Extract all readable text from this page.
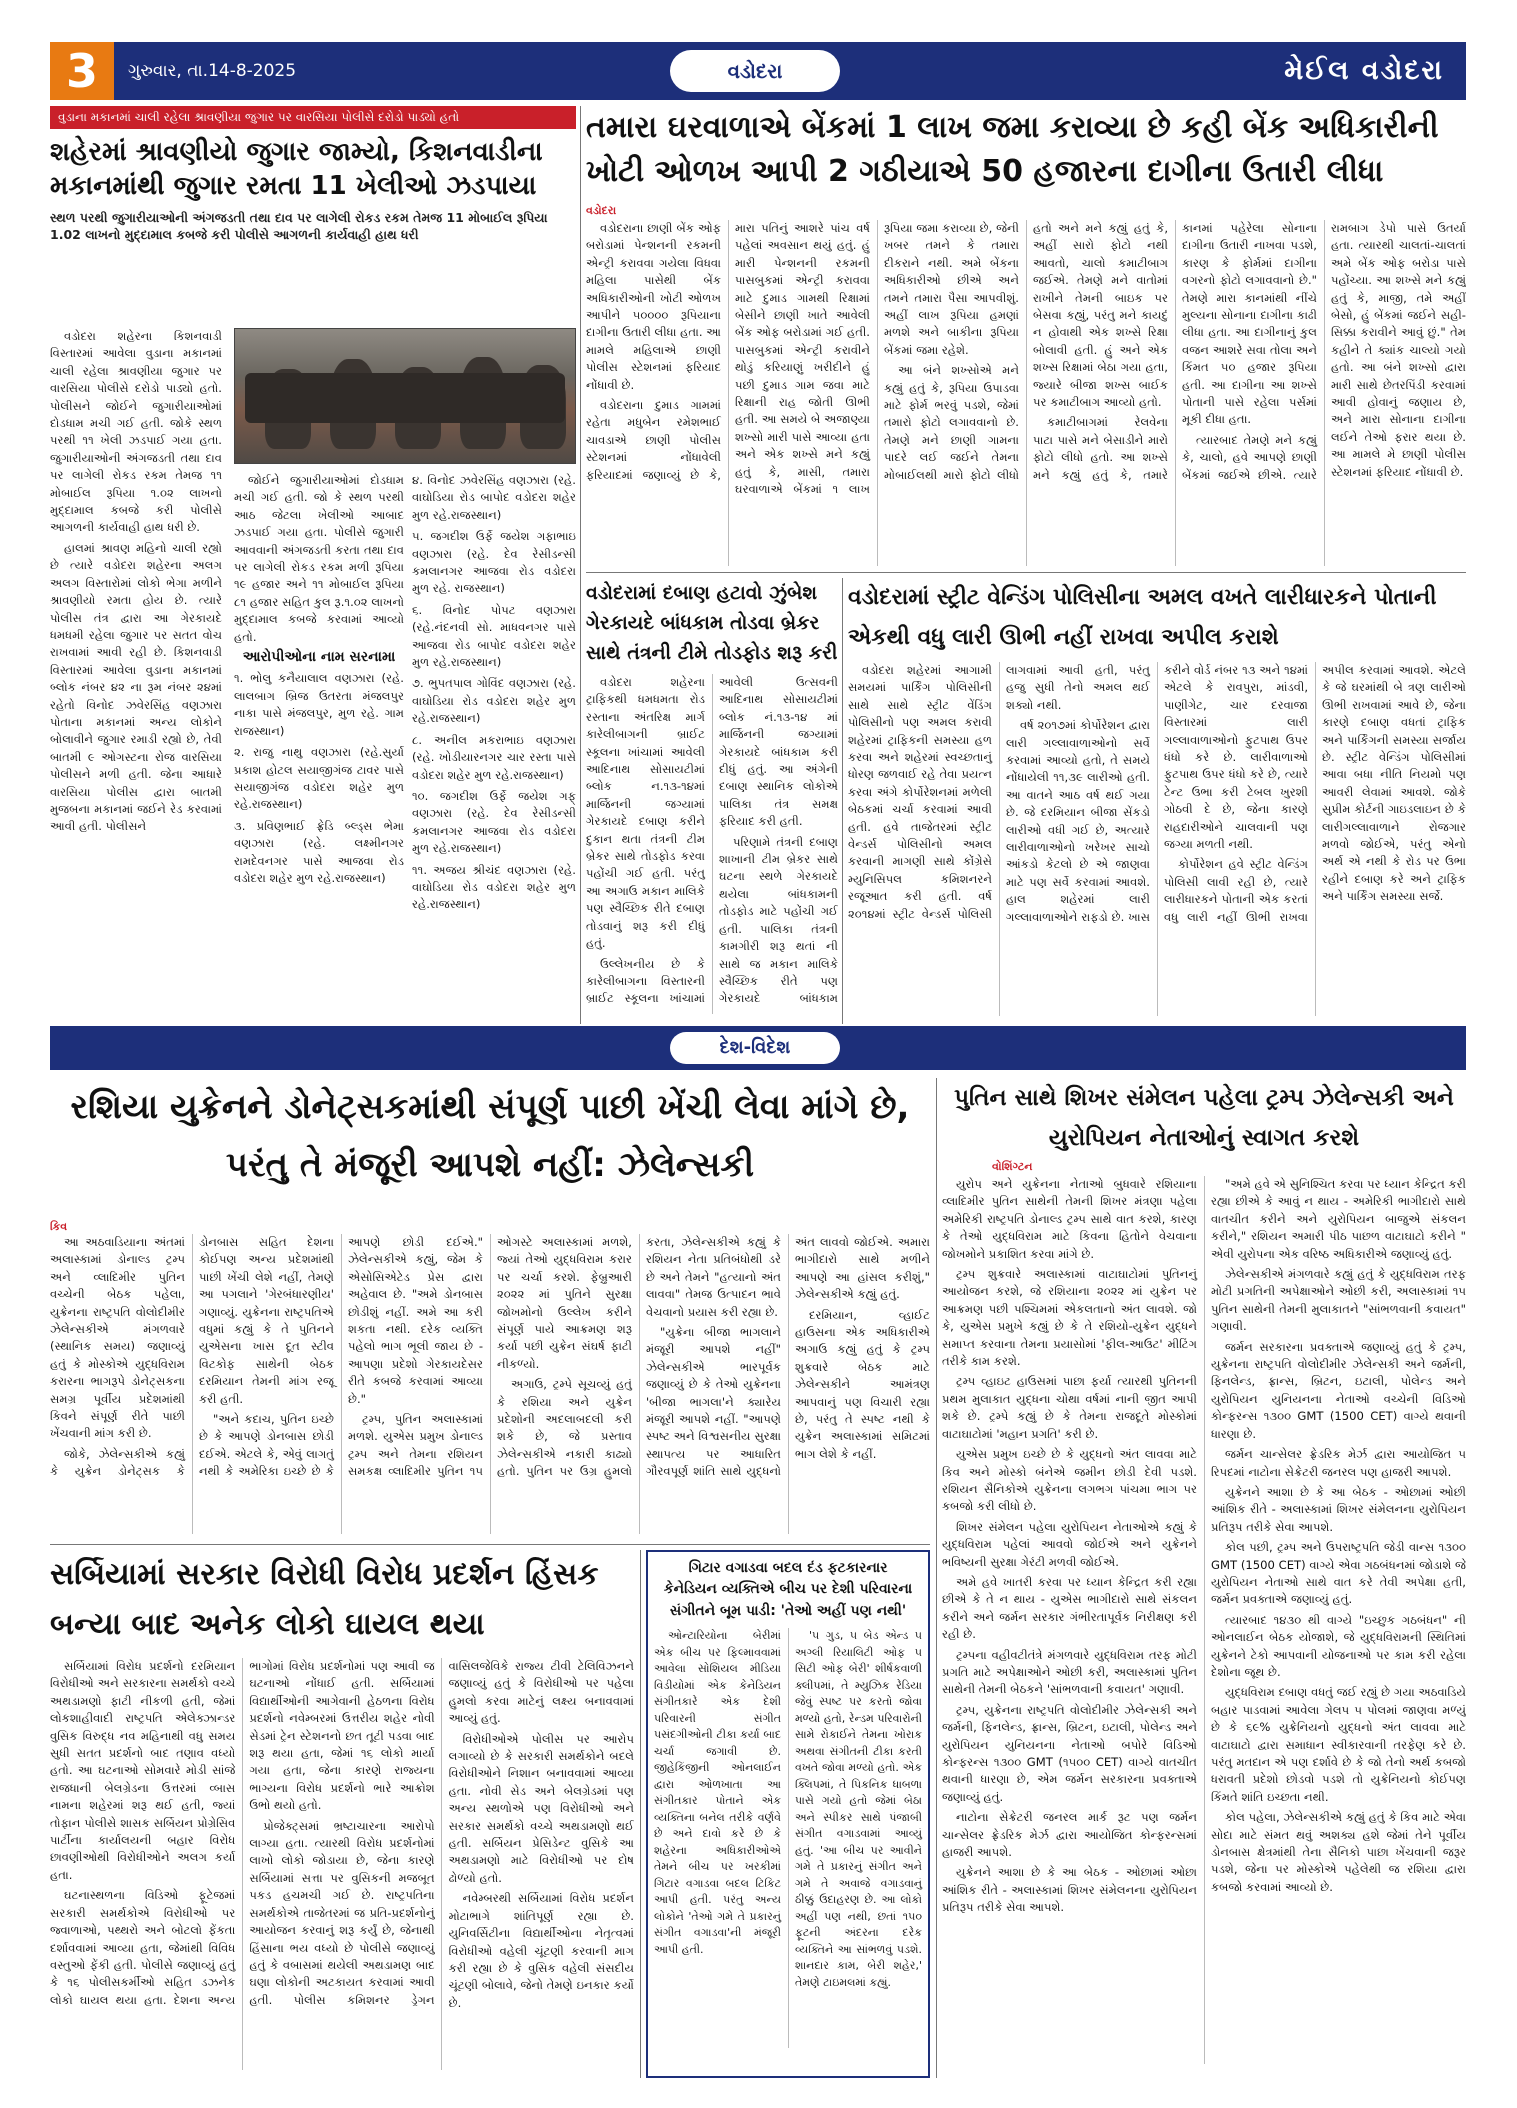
3	ગુરુવાર, તા.14-8-2025	વડોદરા	મેઈલ વડોદરા
વુડાના મકાનમાં ચાલી રહેલા શ્રાવણીયા જુગાર પર વારસિયા પોલીસે દરોડો પાડ્યો હતો
શહેરમાં શ્રાવણીયો જુગાર જામ્યો, કિશનવાડીના મકાનમાંથી જુગાર રમતા 11 ખેલીઓ ઝડપાયા
સ્થળ પરથી જુગારીયાઓની અંગજડતી તથા દાવ પર લાગેલી રોકડ રકમ તેમજ 11 મોબાઈલ રૂપિયા 1.02 લાખનો મુદ્દામાલ કબજે કરી પોલીસે આગળની કાર્યવાહી હાથ ધરી

વડોદરા શહેરના કિશનવાડી વિસ્તારમાં આવેલા વુડાના મકાનમાં ચાલી રહેલા શ્રાવણીયા જુગાર પર વારસિયા પોલીસે દરોડો પાડ્યો હતો. પોલીસને જોઈને જુગારીયાઓમાં દોડધામ મચી ગઈ હતી. જોકે સ્થળ પરથી ૧૧ ખેલી ઝડપાઈ ગયા હતા. જુગારીયાઓની અંગજડતી તથા દાવ પર લાગેલી રોકડ રકમ તેમજ ૧૧ મોબાઈલ રૂપિયા ૧.૦૨ લાખનો મુદ્દામાલ કબજે કરી પોલીસે આગળની કાર્યવાહી હાથ ધરી છે.

હાલમાં શ્રાવણ મહિનો ચાલી રહ્યો છે ત્યારે વડોદરા શહેરના અલગ અલગ વિસ્તારોમાં લોકો ભેગા મળીને શ્રાવણીયો રમતા હોય છે. ત્યારે પોલીસ તંત્ર દ્વારા આ ગેરકાયદે ધમધમી રહેલા જુગાર પર સતત વોચ રાખવામાં આવી રહી છે. કિશનવાડી વિસ્તારમાં આવેલા વુડાના મકાનમાં બ્લોક નંબર ૪૨ ના રૂમ નંબર ૨૪માં રહેતો વિનોદ ઝવેરસિંહ વણઝારા પોતાના મકાનમાં અન્ય લોકોને બોલાવીને જુગાર રમાડી રહ્યો છે, તેવી બાતમી ૯ ઓગસ્ટના રોજ વારસિયા પોલીસને મળી હતી. જેના આધારે વારસિયા પોલીસ દ્વારા બાતમી મુજબના મકાનમાં જઈને રેડ કરવામાં આવી હતી. પોલીસને

જોઈને જુગારીયાઓમાં દોડધામ મચી ગઈ હતી. જો કે સ્થળ પરથી આઠ જેટલા ખેલીઓ આબાદ ઝડપાઈ ગયા હતા. પોલીસે જુગારી આવવાની અંગજડતી કરતા તથા દાવ પર લાગેલી રોકડ રકમ મળી રૂપિયા ૧૯ હજાર અને ૧૧ મોબાઈલ રૂપિયા ૮૧ હજાર સહિત કુલ રૂ.૧.૦૨ લાખનો મુદ્દામાલ કબજે કરવામાં આવ્યો હતો.

આરોપીઓના નામ સરનામા

૧. ભોલુ કનૈયાલાલ વણઝારા (રહે. લાલબાગ બ્રિજ ઉતરતા મંજલપુર નાકા પાસે મંજલપુર, મુળ રહે. ગામ રાજસ્થાન)

૨. રાજુ નાથુ વણઝારા (રહે.સુર્યા પ્રકાશ હોટલ સયાજીગંજ ટાવર પાસે સયાજીગંજ વડોદરા શહેર મુળ રહે.રાજસ્થાન)

૩. પ્રવિણભાઈ ફ્રેડિ બ્લ્ડ્સ ભેમા વણઝારા (રહે. લક્ષ્મીનગર રામદેવનગર પાસે આજવા રોડ વડોદરા શહેર મુળ રહે.રાજસ્થાન)

૪. વિનોદ ઝવેરસિંહ વણઝારા (રહે. વાઘોડિયા રોડ બાપોદ વડોદરા શહેર મુળ રહે.રાજસ્થાન)

૫. જગદીશ ઉર્ફે જયેશ ગફાભાઇ વણઝારા (રહે. દેવ રેસીડન્સી કમલાનગર આજવા રોડ વડોદરા મુળ રહે. રાજસ્થાન)

૬. વિનોદ પોપટ વણઝારા (રહે.નંદનવી સો. માધવનગર પાસે આજવા રોડ બાપોદ વડોદરા શહેર મુળ રહે.રાજસ્થાન)

૭. ભુપતપાલ ગોવિંદ વણઝારા (રહે. વાઘોડિયા રોડ વડોદરા શહેર મુળ રહે.રાજસ્થાન)

૮. અનીલ મકરાભાઇ વણઝારા (રહે. ખોડીયારનગર ચાર રસ્તા પાસે વડોદરા શહેર મુળ રહે.રાજસ્થાન)

૧૦. જગદીશ ઉર્ફે જયેશ ગફ્ વણઝારા (રહે. દેવ રેસીડન્સી કમલાનગર આજવા રોડ વડોદરા મુળ રહે.રાજસ્થાન)

૧૧. અજય શ્રીચંદ વણઝારા (રહે. વાઘોડિયા રોડ વડોદરા શહેર મુળ રહે.રાજસ્થાન)

તમારા ઘરવાળાએ બેંકમાં 1 લાખ જમા કરાવ્યા છે કહી બેંક અધિકારીની ખોટી ઓળખ આપી 2 ગઠીયાએ 50 હજારના દાગીના ઉતારી લીધા
વડોદરા

વડોદરાના છાણી બેંક ઓફ બરોડામાં પેન્શનની રકમની એન્ટ્રી કરાવવા ગયેલા વિધવા મહિલા પાસેથી બેંક અધિકારીઓની ખોટી ઓળખ આપીને ૫૦૦૦૦ રૂપિયાના દાગીના ઉતારી લીધા હતા. આ મામલે મહિલાએ છાણી પોલીસ સ્ટેશનમાં ફરિયાદ નોંધાવી છે.

વડોદરાના દુમાડ ગામમાં રહેતા મધુબેન રમેશભાઈ ચાવડાએ છાણી પોલીસ સ્ટેશનમાં નોંધાવેલી ફરિયાદમાં જણાવ્યું છે કે, મારા પતિનું આશરે પાંચ વર્ષ પહેલાં અવસાન થયું હતું. હું મારી પેન્શનની રકમની પાસબુકમાં એન્ટ્રી કરાવવા માટે દુમાડ ગામથી રિક્ષામાં બેસીને છાણી ખાતે આવેલી બેંક ઓફ બરોડામાં ગઈ હતી. પાસબુકમાં એન્ટ્રી કરાવીને થોડું કરિયાણું ખરીદીને હું પછી દુમાડ ગામ જવા માટે રિક્ષાની રાહ જોતી ઊભી હતી. આ સમયે બે અજાણ્યા શખ્સો મારી પાસે આવ્યા હતા અને એક શખ્સે મને કહ્યું હતું કે, માસી, તમારા ઘરવાળાએ બેંકમાં ૧ લાખ રૂપિયા જમા કરાવ્યા છે, જેની ખબર તમને કે તમારા દીકરાને નથી. અમે બેંકના અધિકારીઓ છીએ અને તમને તમારા પૈસા આપવીશું. અહીં લાખ રૂપિયા હમણાં મળશે અને બાકીના રૂપિયા બેંકમાં જમા રહેશે.

આ બંને શખ્સોએ મને કહ્યું હતું કે, રૂપિયા ઉપાડવા માટે ફોર્મ ભરવું પડશે, જેમાં તમારો ફોટો લગાવવાનો છે. તેમણે મને છાણી ગામના પાદરે લઈ જઈને તેમના મોબાઈલથી મારો ફોટો લીધો હતો અને મને કહ્યું હતું કે, અહીં સારો ફોટો નથી આવતો, ચાલો કમાટીબાગ જઈએ. તેમણે મને વાતોમાં રાખીને તેમની બાઇક પર બેસવા કહ્યું, પરંતુ મને કાયદું ન હોવાથી એક શખ્સે રિક્ષા બોલાવી હતી. હું અને એક શખ્સ રિક્ષામાં બેઠા ગયા હતા, જ્યારે બીજા શખ્સ બાઈક પર કમાટીબાગ આવ્યો હતો.

કમાટીબાગમાં રેલવેના પાટા પાસે મને બેસાડીને મારો ફોટો લીધો હતો. આ શખ્સે મને કહ્યું હતું કે, તમારે કાનમાં પહેરેલા સોનાના દાગીના ઉતારી નાખવા પડશે, કારણ કે ફોર્મમાં દાગીના વગરનો ફોટો લગાવવાનો છે." તેમણે મારા કાનમાંથી નીંચે મુલ્યના સોનાના દાગીના કાઢી લીધા હતા. આ દાગીનાનું કુલ વજન આશરે સવા તોલા અને કિંમત ૫૦ હજાર રૂપિયા હતી. આ દાગીના આ શખ્સે પોતાની પાસે રહેલા પર્સમાં મૂકી દીધા હતા.

ત્યારબાદ તેમણે મને કહ્યું કે, ચાલો, હવે આપણે છાણી બેંકમાં જઈએ છીએ. ત્યારે રામબાગ ડેપો પાસે ઉતર્યા હતા. ત્યારથી ચાલતાં-ચાલતાં અમે બેંક ઓફ બરોડા પાસે પહોંચ્યા. આ શખ્સે મને કહ્યું હતું કે, માજી, તમે અહીં બેસો, હું બેંકમાં જઈને સહી-સિક્કા કરાવીને આવું છું." તેમ કહીને તે ક્યાંક ચાલ્યો ગયો હતો. આ બંને શખ્સો દ્વારા મારી સાથે છેતરપિંડી કરવામાં આવી હોવાનું જણાય છે, અને મારા સોનાના દાગીના લઈને તેઓ ફરાર થયા છે. આ મામલે મે છાણી પોલીસ સ્ટેશનમાં ફરિયાદ નોંધાવી છે.

વડોદરામાં દબાણ હટાવો ઝુંબેશ ગેરકાયદે બાંધકામ તોડવા બ્રેકર સાથે તંત્રની ટીમે તોડફોડ શરૂ કરી

વડોદરા શહેરના ટ્રાફિકથી ધમધમતા રોડ રસ્તાના અંતરિક્ષ માર્ગ કારેલીબાગની બ્રાઈટ સ્કૂલના ખાંચામાં આવેલી આદિનાથ સોસાયટીમાં બ્લોક ન.૧૩-૧૪માં માર્જિનની જગ્યામાં ગેરકાયદે દબાણ કરીને દુકાન થતા તંત્રની ટીમ બ્રેકર સાથે તોડફોડ કરવા પહોંચી ગઈ હતી. પરંતુ આ અગાઉ મકાન માલિકે પણ સ્વૈચ્છિક રીતે દબાણ તોડવાનું શરૂ કરી દીધું હતું.

ઉલ્લેખનીય છે કે કારેલીબાગના વિસ્તારની બ્રાઈટ સ્કૂલના ખાંચામાં આવેલી ઉત્સવની આદિનાથ સોસાયટીમાં બ્લોક નં.૧૩-૧૪ માં માર્જિનની જગ્યામાં ગેરકાયદે બાંધકામ કરી દીધું હતું. આ અંગેની દબાણ સ્થાનિક લોકોએ પાલિકા તંત્ર સમક્ષ ફરિયાદ કરી હતી.

પરિણામે તંત્રની દબાણ શાખાની ટીમ બ્રેકર સાથે ઘટના સ્થળે ગેરકાયદે થયેલા બાંધકામની તોડફોડ માટે પહોંચી ગઈ હતી. પાલિકા તંત્રની કામગીરી શરૂ થતાં ની સાથે જ મકાન માલિકે સ્વૈચ્છિક રીતે પણ ગેરકાયદે બાંધકામ

વડોદરામાં સ્ટ્રીટ વેન્ડિંગ પોલિસીના અમલ વખતે લારીધારકને પોતાની એકથી વધુ લારી ઊભી નહીં રાખવા અપીલ કરાશે

વડોદરા શહેરમાં આગામી સમયમાં પાર્કિંગ પોલિસીની સાથે સાથે સ્ટ્રીટ વેંડિંગ પોલિસીનો પણ અમલ કરાવી શહેરમાં ટ્રાફિકની સમસ્યા હળ કરવા અને શહેરમાં સ્વચ્છતાનું ધોરણ જળવાઈ રહે તેવા પ્રયત્ન કરવા અંગે કોર્પોરેશનમાં મળેલી બેઠકમાં ચર્ચા કરવામાં આવી હતી. હવે તાજેતરમાં સ્ટ્રીટ વેન્ડર્સ પોલિસીનો અમલ કરવાની માગણી સાથે કોંગ્રેસે મ્યુનિસિપલ કમિશનરને રજૂઆત કરી હતી. વર્ષ ૨૦૧૪માં સ્ટ્રીટ વેન્ડર્સ પોલિસી લાગવામાં આવી હતી, પરંતુ હજુ સુધી તેનો અમલ થઈ શક્યો નથી.

વર્ષ ૨૦૧૭માં કોર્પોરેશન દ્વારા લારી ગલ્લાવાળાઓનો સર્વે કરવામાં આવ્યો હતો, તે સમયે નોંધાયેલી ૧૧,૩૯ લારીઓ હતી. આ વાતને આઠ વર્ષ થઈ ગયા છે. જે દરમિયાન બીજા સેંકડો લારીઓ વધી ગઈ છે, અત્યારે લારીવાળાઓનો ખરેખર સાચો આંકડો કેટલો છે એ જાણવા માટે પણ સર્વે કરવામાં આવશે. હાલ શહેરમાં લારી ગલ્લાવાળાઓને રાફડો છે. ખાસ કરીને વોર્ડ નંબર ૧૩ અને ૧૪માં એટલે કે રાવપુરા, માંડવી, પાણીગેટ, ચાર દરવાજા વિસ્તારમાં લારી ગલ્લાવાળાઓનો ફુટપાથ ઉપર ધંધો કરે છે. લારીવાળાઓ ફુટપાથ ઉપર ધંધો કરે છે, ત્યારે ટેન્ટ ઉભા કરી ટેબલ ખુરશી ગોઠવી દે છે, જેના કારણે રાહદારીઓને ચાલવાની પણ જગ્યા મળતી નથી.

કોર્પોરેશન હવે સ્ટ્રીટ વેન્ડિંગ પોલિસી લાવી રહી છે, ત્યારે લારીધારકને પોતાની એક કરતાં વધુ લારી નહીં ઊભી રાખવા અપીલ કરવામાં આવશે. એટલે કે જે ઘરમાંથી બે ત્રણ લારીઓ ઊભી રાખવામાં આવે છે, જેના કારણે દબાણ વધતાં ટ્રાફિક અને પાર્કિંગની સમસ્યા સર્જાય છે. સ્ટ્રીટ વેન્ડિંગ પોલિસીમાં આવા બધા નીતિ નિયમો પણ આવરી લેવામાં આવશે. જોકે સુપ્રીમ કોર્ટની ગાઇડલાઇન છે કે લારીગલ્લાવાળાને રોજગાર મળવો જોઈએ, પરંતુ એનો અર્થ એ નથી કે રોડ પર ઉભા રહીને દબાણ કરે અને ટ્રાફિક અને પાર્કિંગ સમસ્યા સર્જે.

દેશ-વિદેશ
રશિયા યુક્રેનને ડોનેટ્સકમાંથી સંપૂર્ણ પાછી ખેંચી લેવા માંગે છે, પરંતુ તે મંજૂરી આપશે નહીં: ઝેલેન્સકી
કિવ

આ અઠવાડિયાના અંતમાં અલાસ્કામાં ડોનાલ્ડ ટ્રમ્પ અને વ્લાદિમીર પુતિન વચ્ચેની બેઠક પહેલા, યુક્રેનના રાષ્ટ્રપતિ વોલોદીમીર ઝેલેન્સકીએ મંગળવારે (સ્થાનિક સમય) જણાવ્યું હતું કે મોસ્કોએ યુદ્ધવિરામ કરારના ભાગરૂપે ડોનેટ્સકના સમગ્ર પૂર્વીય પ્રદેશમાંથી કિવને સંપૂર્ણ રીતે પાછી ખેંચવાની માંગ કરી છે.

જોકે, ઝેલેન્સકીએ કહ્યું કે યુક્રેન ડોનેટ્સક કે ડોનબાસ સહિત દેશના કોઈપણ અન્ય પ્રદેશમાંથી પાછી ખેંચી લેશે નહીં, તેમણે આ પગલાને 'ગેરબંધારણીય' ગણાવ્યું. યુક્રેનના રાષ્ટ્રપતિએ વધુમાં કહ્યું કે તે પુતિનને યુએસના ખાસ દૂત સ્ટીવ વિટકોફ સાથેની બેઠક દરમિયાન તેમની માંગ રજૂ કરી હતી.

"અને કદાચ, પુતિન ઇચ્છે છે કે આપણે ડોનબાસ છોડી દઈએ. એટલે કે, એવું લાગતું નથી કે અમેરિકા ઇચ્છે છે કે આપણે છોડી દઈએ." ઝેલેન્સકીએ કહ્યું, જેમ કે એસોસિએટેડ પ્રેસ દ્વારા અહેવાલ છે. "અમે ડોનબાસ છોડીશું નહીં. અમે આ કરી શકતા નથી. દરેક વ્યક્તિ પહેલો ભાગ ભૂલી જાય છે - આપણા પ્રદેશો ગેરકાયદેસર રીતે કબજે કરવામાં આવ્યા છે."

ટ્રમ્પ, પુતિન અલાસ્કામાં મળશે. યુએસ પ્રમુખ ડોનાલ્ડ ટ્રમ્પ અને તેમના રશિયન સમકક્ષ વ્લાદિમીર પુતિન ૧૫ ઓગસ્ટે અલાસ્કામાં મળશે, જ્યાં તેઓ યુદ્ધવિરામ કરાર પર ચર્ચા કરશે. ફેબ્રુઆરી ૨૦૨૨ માં પુતિને સુરક્ષા જોખમોનો ઉલ્લેખ કરીને સંપૂર્ણ પાયે આક્રમણ શરૂ કર્યા પછી યુક્રેન સંઘર્ષ ફાટી નીકળ્યો.

અગાઉ, ટ્રમ્પે સૂચવ્યું હતું કે રશિયા અને યુક્રેન પ્રદેશોની અદલાબદલી કરી શકે છે, જે પ્રસ્તાવ ઝેલેન્સકીએ નકારી કાઢ્યો હતો. પુતિન પર ઉગ્ર હુમલો કરતા, ઝેલેન્સકીએ કહ્યું કે રશિયન નેતા પ્રતિબંધોથી ડરે છે અને તેમને "હત્યાનો અંત લાવવા" તેમજ ઉત્પાદન ભાવે વેચવાનો પ્રયાસ કરી રહ્યા છે.

"યુક્રેના બીજા ભાગલાને મંજૂરી આપશે નહીં" ઝેલેન્સકીએ ભારપૂર્વક જણાવ્યું છે કે તેઓ યુક્રેનના 'બીજા ભાગલા'ને ક્યારેય મંજૂરી આપશે નહીં. "આપણે સ્પષ્ટ અને વિશ્વસનીય સુરક્ષા સ્થાપત્ય પર આધારિત ગૌરવપૂર્ણ શાંતિ સાથે યુદ્ધનો અંત લાવવો જોઈએ. અમારા ભાગીદારો સાથે મળીને આપણે આ હાંસલ કરીશું," ઝેલેન્સકીએ કહ્યું હતું.

દરમિયાન, વ્હાઈટ હાઉસના એક અધિકારીએ અગાઉ કહ્યું હતું કે ટ્રમ્પ શુક્રવારે બેઠક માટે ઝેલેન્સકીને આમંત્રણ આપવાનું પણ વિચારી રહ્યા છે, પરંતુ તે સ્પષ્ટ નથી કે યુક્રેન અલાસ્કામાં સમિટમાં ભાગ લેશે કે નહીં.

પુતિન સાથે શિખર સંમેલન પહેલા ટ્રમ્પ ઝેલેન્સકી અને યુરોપિયન નેતાઓનું સ્વાગત કરશે
વોશિંગ્ટન

યુરોપ અને યુક્રેનના નેતાઓ બુધવારે રશિયાના વ્લાદિમીર પુતિન સાથેની તેમની શિખર મંત્રણા પહેલા અમેરિકી રાષ્ટ્રપતિ ડોનાલ્ડ ટ્રમ્પ સાથે વાત કરશે, કારણ કે તેઓ યુદ્ધવિરામ માટે કિવના હિતોને વેચવાના જોખમોને પ્રકાશિત કરવા માંગે છે.

ટ્રમ્પ શુક્રવારે અલાસ્કામાં વાટાઘાટોમાં પુતિનનું આયોજન કરશે, જે રશિયાના ૨૦૨૨ માં યુક્રેન પર આક્રમણ પછી પશ્ચિમમાં એકલતાનો અંત લાવશે. જો કે, યુએસ પ્રમુખે કહ્યું છે કે તે રશિયો-યુક્રેન યુદ્ધને સમાપ્ત કરવાના તેમના પ્રયાસોમાં 'ફીલ-આઉટ' મીટિંગ તરીકે કામ કરશે.

ટ્રમ્પ વ્હાઇટ હાઉસમાં પાછા ફર્યા ત્યારથી પુતિનની પ્રથમ મુલાકાત યુદ્ધના ચોથા વર્ષમાં નાની જીત આપી શકે છે. ટ્રમ્પે કહ્યું છે કે તેમના રાજદૂતે મોસ્કોમાં વાટાઘાટોમાં 'મહાન પ્રગતિ' કરી છે.

યુએસ પ્રમુખ ઇચ્છે છે કે યુદ્ધનો અંત લાવવા માટે કિવ અને મોસ્કો બંનેએ જમીન છોડી દેવી પડશે. રશિયન સૈનિકોએ યુક્રેનના લગભગ પાંચમા ભાગ પર કબજો કરી લીધો છે.

શિખર સંમેલન પહેલા યુરોપિયન નેતાઓએ કહ્યું કે યુદ્ધવિરામ પહેલાં આવવો જોઈએ અને યુક્રેનને ભવિષ્યની સુરક્ષા ગેરંટી મળવી જોઈએ.

અમે હવે ખાતરી કરવા પર ધ્યાન કેન્દ્રિત કરી રહ્યા છીએ કે તે ન થાય - યુએસ ભાગીદારો સાથે સંકલન કરીને અને જર્મન સરકાર ગંભીરતાપૂર્વક નિરીક્ષણ કરી રહી છે.

ટ્રમ્પના વહીવટીતંત્રે મંગળવારે યુદ્ધવિરામ તરફ મોટી પ્રગતિ માટે અપેક્ષાઓને ઓછી કરી, અલાસ્કામાં પુતિન સાથેની તેમની બેઠકને 'સાંભળવાની કવાયત' ગણાવી.

ટ્રમ્પ, યુક્રેનના રાષ્ટ્રપતિ વોલોદીમીર ઝેલેન્સકી અને જર્મની, ફિનલેન્ડ, ફ્રાન્સ, બ્રિટન, ઇટાલી, પોલેન્ડ અને યુરોપિયન યુનિયનના નેતાઓ બપોરે વિડિઓ કોન્ફરન્સ ૧૩૦૦ GMT (૧૫૦૦ CET) વાગ્યે વાતચીત થવાની ધારણા છે, એમ જર્મન સરકારના પ્રવક્તાએ જણાવ્યું હતું.

નાટોના સેક્રેટરી જનરલ માર્ક રૂટ પણ જર્મન ચાન્સેલર ફ્રેડરિક મેર્ઝ દ્વારા આયોજિત કોન્ફરન્સમાં હાજરી આપશે.

યુક્રેનને આશા છે કે આ બેઠક - ઓછામાં ઓછા આંશિક રીતે - અલાસ્કામાં શિખર સંમેલનના યુરોપિયન પ્રતિરૂપ તરીકે સેવા આપશે.

"અમે હવે એ સુનિશ્ચિત કરવા પર ધ્યાન કેન્દ્રિત કરી રહ્યા છીએ કે આવું ન થાય - અમેરિકી ભાગીદારો સાથે વાતચીત કરીને અને યુરોપિયન બાજુએ સંકલન કરીને," રશિયન અમારી પીઠ પાછળ વાટાઘાટો કરીને " એવી યુરોપના એક વરિષ્ઠ અધિકારીએ જણાવ્યું હતું.

ઝેલેન્સકીએ મંગળવારે કહ્યું હતું કે યુદ્ધવિરામ તરફ મોટી પ્રગતિની અપેક્ષાઓને ઓછી કરી, અલાસ્કામાં ૧૫ પુતિન સાથેની તેમની મુલાકાતને "સાંભળવાની કવાયત" ગણાવી.

જર્મન સરકારના પ્રવક્તાએ જણાવ્યું હતું કે ટ્રમ્પ, યુક્રેનના રાષ્ટ્રપતિ વોલોદીમીર ઝેલેન્સકી અને જર્મની, ફિનલેન્ડ, ફ્રાન્સ, બ્રિટન, ઇટાલી, પોલેન્ડ અને યુરોપિયન યુનિયનના નેતાઓ વચ્ચેની વિડિઓ કોન્ફરન્સ ૧૩૦૦ GMT (1500 CET) વાગ્યે થવાની ધારણા છે.

જર્મન ચાન્સેલર ફ્રેડરિક મેર્ઝ દ્વારા આયોજિત ૫ રિપદમાં નાટોના સેક્રેટરી જનરલ પણ હાજરી આપશે.

યુક્રેનને આશા છે કે આ બેઠક - ઓછામાં ઓછી આંશિક રીતે - અલાસ્કામાં શિખર સંમેલનના યુરોપિયન પ્રતિરૂપ તરીકે સેવા આપશે.

કોલ પછી, ટ્રમ્પ અને ઉપરાષ્ટ્રપતિ જેડી વાન્સ ૧૩૦૦ GMT (1500 CET) વાગ્યે એવા ગઠબંધનમાં જોડાશે જે યુરોપિયન નેતાઓ સાથે વાત કરે તેવી અપેક્ષા હતી, જર્મન પ્રવક્તાએ જણાવ્યું હતું.

ત્યારબાદ ૧૪૩૦ થી વાગ્યે "ઇચ્છુક ગઠબંધન" ની ઓનલાઈન બેઠક યોજાશે, જે યુદ્ધવિરામની સ્થિતિમાં યુક્રેનને ટેકો આપવાની યોજનાઓ પર કામ કરી રહેલા દેશોના જૂથ છે.

યુદ્ધવિરામ દબાણ વધતું જઈ રહ્યું છે ગયા અઠવાડિયે બહાર પાડવામાં આવેલા ગેલપ ૫ પોલમાં જાણવા મળ્યું છે કે ૬૯% યુક્રેનિયનો યુદ્ધનો અંત લાવવા માટે વાટાઘાટો દ્વારા સમાધાન સ્વીકારવાની તરફેણ કરે છે. પરંતુ મતદાન એ પણ દર્શાવે છે કે જો તેનો અર્થ કબજો ધરાવતી પ્રદેશો છોડવો પડશે તો યુક્રેનિયનો કોઈપણ કિંમતે શાંતિ ઇચ્છતા નથી.

કોલ પહેલા, ઝેલેન્સકીએ કહ્યું હતું કે કિવ માટે એવા સોદા માટે સંમત થવું અશક્ય હશે જેમાં તેને પૂર્વીય ડોનબાસ ક્ષેત્રમાંથી તેના સૈનિકો પાછા ખેંચવાની જરૂર પડશે, જેના પર મોસ્કોએ પહેલેથી જ રશિયા દ્વારા કબજો કરવામાં આવ્યો છે.

સર્બિયામાં સરકાર વિરોધી વિરોધ પ્રદર્શન હિંસક બન્યા બાદ અનેક લોકો ઘાયલ થયા

સર્બિયામાં વિરોધ પ્રદર્શનો દરમિયાન વિરોધીઓ અને સરકારના સમર્થકો વચ્ચે અથડામણો ફાટી નીકળી હતી, જેમાં લોકશાહીવાદી રાષ્ટ્રપતિ એલેક્ઝાન્ડર વુસિક વિરુદ્ધ નવ મહિનાથી વધુ સમય સુધી સતત પ્રદર્શનો બાદ તણાવ વધ્યો હતો. આ ઘટનાઓ સોમવારે મોડી સાંજે રાજધાની બેલગ્રેડના ઉત્તરમાં વ્બાસ નામના શહેરમાં શરૂ થઈ હતી, જ્યાં તોફાન પોલીસે શાસક સર્બિયન પ્રોગ્રેસિવ પાર્ટીના કાર્યાલયની બહાર વિરોધ છાવણીઓથી વિરોધીઓને અલગ કર્યા હતા.

ઘટનાસ્થળના વિડિઓ ફૂટેજમાં સરકારી સમર્થકોએ વિરોધીઓ પર જ્વાળાઓ, પથ્થરો અને બોટલો ફેંકતા દર્શાવવામાં આવ્યા હતા, જેમાંથી વિવિધ વસ્તુઓ ફેંકી હતી. પોલીસે જણાવ્યું હતું કે ૧૬ પોલીસકર્મીઓ સહિત ડઝનેક લોકો ઘાયલ થયા હતા. દેશના અન્ય ભાગોમાં વિરોધ પ્રદર્શનોમાં પણ આવી જ ઘટનાઓ નોંધાઈ હતી. સર્બિયામાં વિદ્યાર્થીઓની આગેવાની હેઠળના વિરોધ પ્રદર્શનો નવેમ્બરમાં ઉત્તરીય શહેર નોવી સેડમાં ટ્રેન સ્ટેશનનો છત તૂટી પડવા બાદ શરૂ થયા હતા, જેમાં ૧૬ લોકો માર્યા ગયા હતા, જેના કારણે રાજ્યના ભાગ્યના વિરોધ પ્રદર્શનો ભારે આક્રોશ ઉભો થયો હતો.

પ્રોજેક્ટ્સમાં ભ્રષ્ટાચારના આરોપો લાગ્યા હતા. ત્યારથી વિરોધ પ્રદર્શનોમાં લાખો લોકો જોડાયા છે, જેના કારણે સર્બિયામાં સત્તા પર વુસિકની મજબૂત પકડ હચમચી ગઈ છે. રાષ્ટ્રપતિના સમર્થકોએ તાજેતરમાં જ પ્રતિ-પ્રદર્શનોનું આયોજન કરવાનું શરૂ કર્યું છે, જેનાથી હિંસાના ભય વધ્યો છે પોલીસે જણાવ્યું હતું કે વબાસમાં થયેલી અથડામણ બાદ ઘણા લોકોની અટકાયત કરવામાં આવી હતી. પોલીસ કમિશનર ડ્રેગન વાસિલજેવિકે રાજ્ય ટીવી ટેલિવિઝનને જણાવ્યું હતું કે વિરોધીઓ પર પહેલા હુમલો કરવા માટેનું લક્ષ્ય બનાવવામાં આવ્યું હતું.

વિરોધીઓએ પોલીસ પર આરોપ લગાવ્યો છે કે સરકારી સમર્થકોને બદલે વિરોધીઓને નિશાન બનાવવામાં આવ્યા હતા. નોવી સેડ અને બેલગ્રેડમાં પણ અન્ય સ્થળોએ પણ વિરોધીઓ અને સરકાર સમર્થકો વચ્ચે અથડામણો થઈ હતી. સર્બિયન પ્રેસિડેન્ટ વુસિકે આ અથડામણો માટે વિરોધીઓ પર દોષ ઢોળ્યો હતો.

નવેમ્બરથી સર્બિયામાં વિરોધ પ્રદર્શન મોટાભાગે શાંતિપૂર્ણ રહ્યા છે. યુનિવર્સિટીના વિદ્યાર્થીઓના નેતૃત્વમાં વિરોધીઓ વહેલી ચૂંટણી કરવાની માગ કરી રહ્યા છે કે વુસિક વહેલી સંસદીય ચૂંટણી બોલાવે, જેનો તેમણે ઇનકાર કર્યો છે.

ગિટાર વગાડવા બદલ દંડ ફટકારનાર
કેનેડિયન વ્યક્તિએ બીચ પર દેશી પરિવારના સંગીતને બૂમ પાડી: 'તેઓ અહીં પણ નથી'

ઓન્ટારિયોના બેરીમાં એક બીચ પર ફિલ્માવવામાં આવેલા સોશિયલ મીડિયા વિડીયોમાં એક કેનેડિયન સંગીતકારે એક દેશી પરિવારની સંગીત પસંદગીઓની ટીકા કર્યા બાદ ચર્ચા જગાવી છે. જીહેકિંજીની ઓનલાઈન દ્વારા ઓળખાતા આ સંગીતકાર પોતાને એક વ્યક્તિના બનેલ તરીકે વર્ણવે છે અને દાવો કરે છે કે શહેરના અધિકારીઓએ તેમને બીચ પર ખરકીમાં ગિટાર વગાડવા બદલ ટિકિટ આપી હતી. પરંતુ અન્ય લોકોને 'તેઓ ગમે તે પ્રકારનું સંગીત વગાડવા'ની મંજૂરી આપી હતી.

'૫ ગુડ, ૫ બેડ એન્ડ ૫ અગ્લી રિયાલિટી ઓફ ૫ સિટી ઓફ બેરી' શીર્ષકવાળી ક્લીપમાં, તે મ્યુઝિક રેડિયા જેવું સ્પષ્ટ પર કરતો જોવા મળ્યો હતો, રેન્ડમ પરિવારોની સામે રોકાઈને તેમના ખોરાક અથવા સંગીતની ટીકા કરતી વખતે જોવા મળ્યો હતો. એક ક્લિપમાં, તે પિકનિક ધાબળા પાસે ગયો હતો જેમાં બેઠા અને સ્પીકર સાથે પંજાબી સંગીત વગાડવામાં આવ્યું હતું. 'આ બીચ પર આવીને ગમે તે પ્રકારનું સંગીત અને ગમે તે અવાજે વગાડવાનું ઠીક્કું ઉદાહરણ છે. આ લોકો અહીં પણ નથી, છતાં ૧૫૦ ફૂટની અંદરના દરેક વ્યક્તિને આ સાંભળવું પડશે. શાનદાર કામ, બેરી શહેર,' તેમણે ટાઇમલમાં કહ્યું.
